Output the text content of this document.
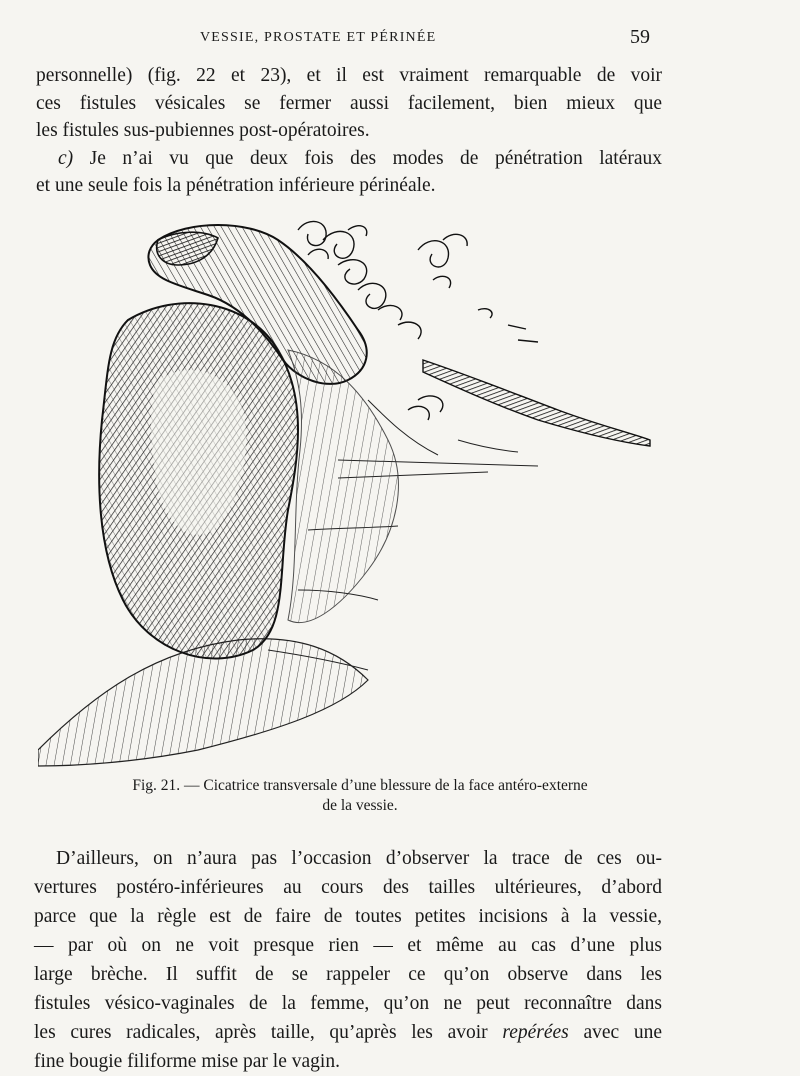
VESSIE, PROSTATE ET PÉRINÉE	59

personnelle) (fig. 22 et 23), et il est vraiment remarquable de voir
ces fistules vésicales se fermer aussi facilement, bien mieux que
les fistules sus-pubiennes post-opératoires.

c) Je n’ai vu que deux fois des modes de pénétration latéraux
et une seule fois la pénétration inférieure périnéale.

Fig. 21. — Cicatrice transversale d’une blessure de la face antéro-externe
de la vessie.

D’ailleurs, on n’aura pas l’occasion d’observer la trace de ces ou-
vertures postéro-inférieures au cours des tailles ultérieures, d’abord
parce que la règle est de faire de toutes petites incisions à la vessie,
— par où on ne voit presque rien — et même au cas d’une plus
large brèche. Il suffit de se rappeler ce qu’on observe dans les
fistules vésico-vaginales de la femme, qu’on ne peut reconnaître dans
les cures radicales, après taille, qu’après les avoir repérées avec une
fine bougie filiforme mise par le vagin.
